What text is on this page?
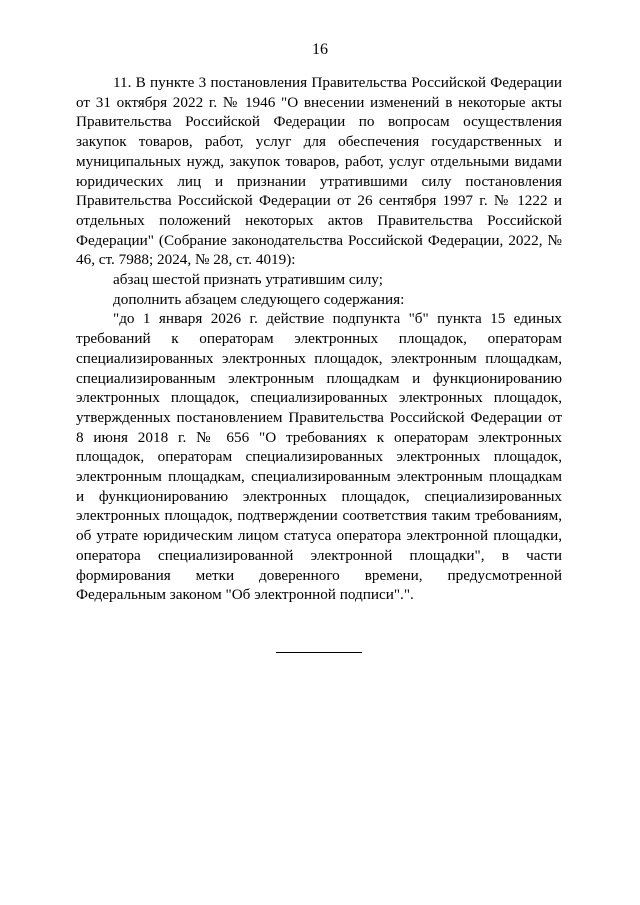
16

11. В пункте 3 постановления Правительства Российской Федерации от 31 октября 2022 г. № 1946 "О внесении изменений в некоторые акты Правительства Российской Федерации по вопросам осуществления закупок товаров, работ, услуг для обеспечения государственных и муниципальных нужд, закупок товаров, работ, услуг отдельными видами юридических лиц и признании утратившими силу постановления Правительства Российской Федерации от 26 сентября 1997 г. № 1222 и отдельных положений некоторых актов Правительства Российской Федерации" (Собрание законодательства Российской Федерации, 2022, № 46, ст. 7988; 2024, № 28, ст. 4019):

абзац шестой признать утратившим силу;

дополнить абзацем следующего содержания:

"до 1 января 2026 г. действие подпункта "б" пункта 15 единых требований к операторам электронных площадок, операторам специализированных электронных площадок, электронным площадкам, специализированным электронным площадкам и функционированию электронных площадок, специализированных электронных площадок, утвержденных постановлением Правительства Российской Федерации от 8 июня 2018 г. № 656 "О требованиях к операторам электронных площадок, операторам специализированных электронных площадок, электронным площадкам, специализированным электронным площадкам и функционированию электронных площадок, специализированных электронных площадок, подтверждении соответствия таким требованиям, об утрате юридическим лицом статуса оператора электронной площадки, оператора специализированной электронной площадки", в части формирования метки доверенного времени, предусмотренной Федеральным законом "Об электронной подписи".".
